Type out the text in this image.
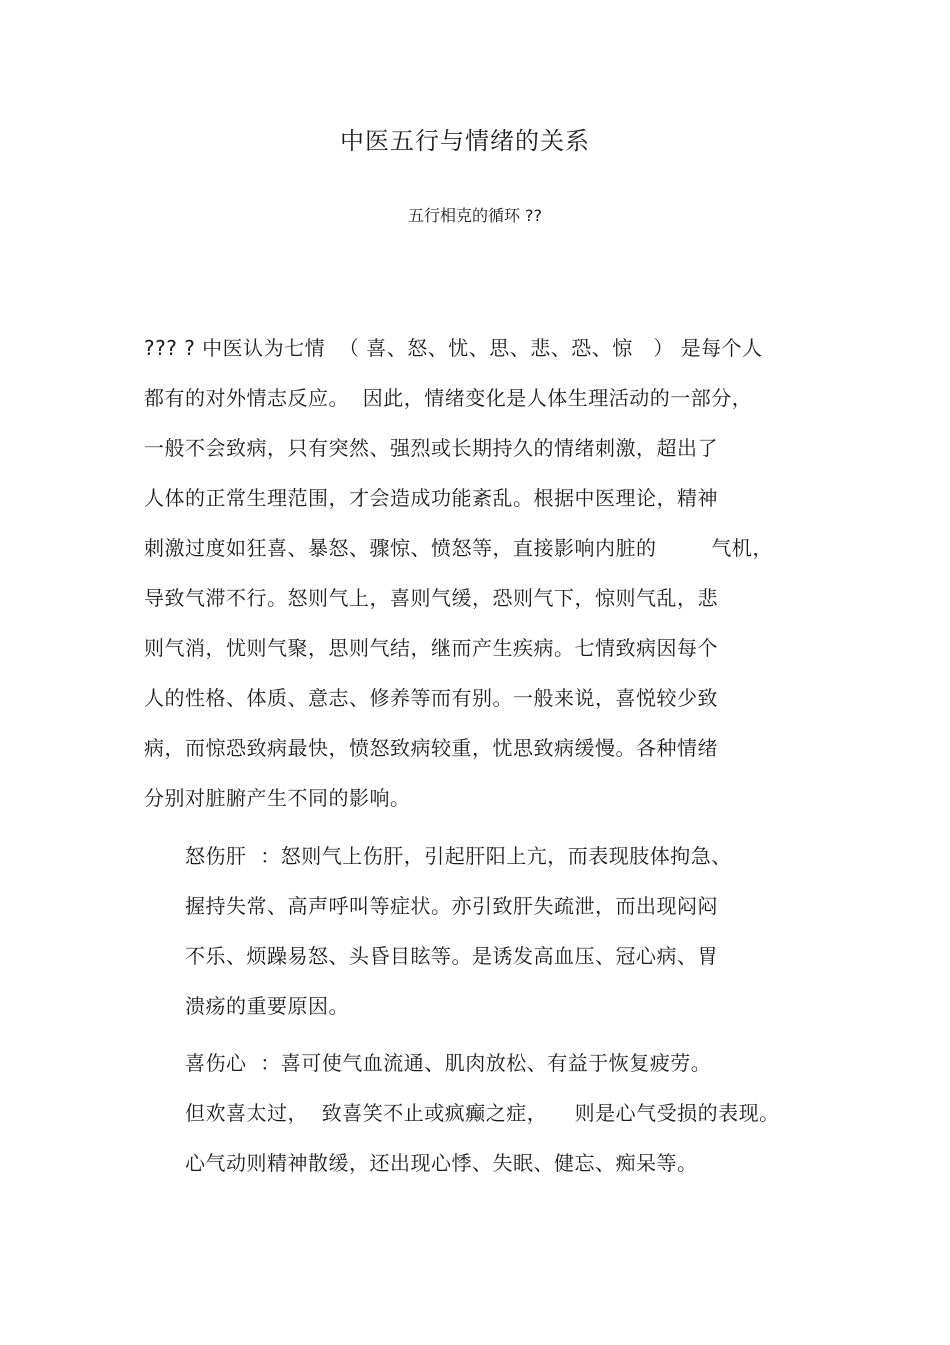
中医五行与情绪的关系
五行相克的循环 ??
??? ? 中医认为七情  （ 喜、怒、忧、思、悲、恐、惊   ） 是每个人
都有的对外情志反应。  因此，情绪变化是人体生理活动的一部分，
一般不会致病，只有突然、强烈或长期持久的情绪刺激，超出了
人体的正常生理范围，才会造成功能紊乱。根据中医理论，精神
刺激过度如狂喜、暴怒、骤惊、愤怒等，直接影响内脏的        气机，
导致气滞不行。怒则气上，喜则气缓，恐则气下，惊则气乱，悲
则气消，忧则气聚，思则气结，继而产生疾病。七情致病因每个
人的性格、体质、意志、修养等而有别。一般来说，喜悦较少致
病，而惊恐致病最快，愤怒致病较重，忧思致病缓慢。各种情绪
分别对脏腑产生不同的影响。
怒伤肝  ：怒则气上伤肝，引起肝阳上亢，而表现肢体拘急、
握持失常、高声呼叫等症状。亦引致肝失疏泄，而出现闷闷
不乐、烦躁易怒、头昏目眩等。是诱发高血压、冠心病、胃
溃疡的重要原因。
喜伤心  ：喜可使气血流通、肌肉放松、有益于恢复疲劳。
但欢喜太过，  致喜笑不止或疯癫之症，    则是心气受损的表现。
心气动则精神散缓，还出现心悸、失眠、健忘、痴呆等。
